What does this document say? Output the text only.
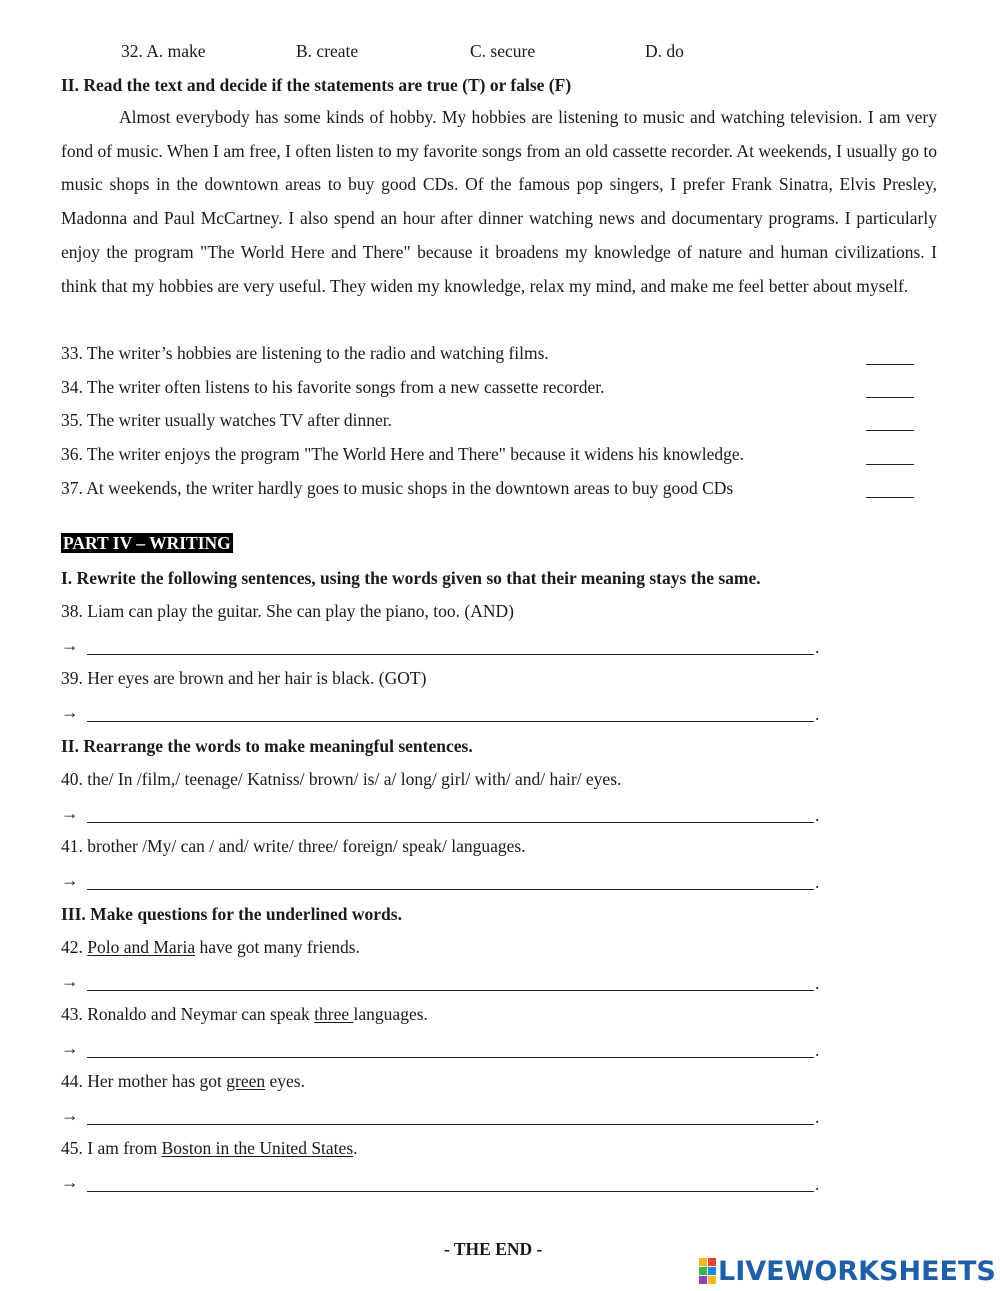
32. A. make	B. create	C. secure	D. do
II. Read the text and decide if the statements are true (T) or false (F)
Almost everybody has some kinds of hobby. My hobbies are listening to music and watching television. I am very fond of music. When I am free, I often listen to my favorite songs from an old cassette recorder. At weekends, I usually go to music shops in the downtown areas to buy good CDs. Of the famous pop singers, I prefer Frank Sinatra, Elvis Presley, Madonna and Paul McCartney. I also spend an hour after dinner watching news and documentary programs. I particularly enjoy the program "The World Here and There" because it broadens my knowledge of nature and human civilizations. I think that my hobbies are very useful. They widen my knowledge, relax my mind, and make me feel better about myself.
33. The writer’s hobbies are listening to the radio and watching films.
34. The writer often listens to his favorite songs from a new cassette recorder.
35. The writer usually watches TV after dinner.
36. The writer enjoys the program "The World Here and There" because it widens his knowledge.
37. At weekends, the writer hardly goes to music shops in the downtown areas to buy good CDs
PART IV – WRITING
I. Rewrite the following sentences, using the words given so that their meaning stays the same.
38. Liam can play the guitar. She can play the piano, too. (AND)
→	.
39. Her eyes are brown and her hair is black. (GOT)
→	.
II. Rearrange the words to make meaningful sentences.
40. the/ In /film,/ teenage/ Katniss/ brown/ is/ a/ long/ girl/ with/ and/ hair/ eyes.
→	.
41. brother /My/ can / and/ write/ three/ foreign/ speak/ languages.
→	.
III. Make questions for the underlined words.
42. Polo and Maria have got many friends.
→	.
43. Ronaldo and Neymar can speak three languages.
→	.
44. Her mother has got green eyes.
→	.
45. I am from Boston in the United States.
→	.
- THE END -
LIVEWORKSHEETS
